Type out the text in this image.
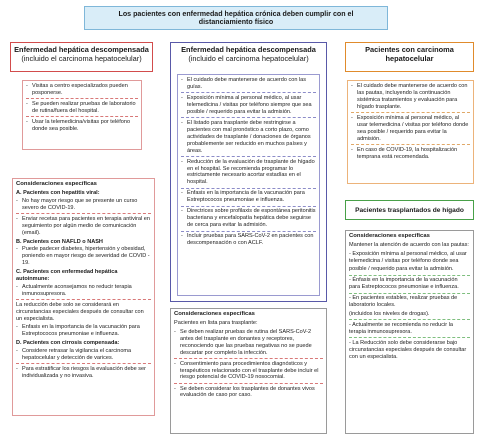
Los pacientes con enfermedad hepática crónica deben cumplir con el distanciamiento físico
Enfermedad hepática descompensada
(incluido el carcinoma hepatocelular)
- Visitas a centro especializados pueden posponerse.
- Se pueden realizar pruebas de laboratorio de rutina/fuera del hospital.
- Usar la telemedicina/visitas por teléfono donde sea posible.
Consideraciones específicas
A. Pacientes con hepatitis viral:
- No hay mayor riesgo que se presente un curso severo de COVID-19.
- Enviar recetas para pacientes en terapia antiviral en seguimiento por algún medio de comunicación (email).
B. Pacientes con NAFLD o NASH
- Puede padecer diabetes, hipertensión y obesidad, poniendo en mayor riesgo de severidad de COVID - 19.
C. Pacientes con enfermedad hepática autoinmune:
- Actualmente aconsejamos no reducir terapia inmunosupresora.
La reducción debe solo se considerará en circunstancias especiales después de consultar con un especialista.
- Enfasis en la importancia de la vacunación para Estreptococos pneumoniae e influenza.
D. Pacientes con cirrosis compensada:
- Considere retrasar la vigilancia el carcinoma hepatocelular y detección de varices.
- Para estratificar los riesgos la evaluación debe ser individualizada y no invasiva.
Enfermedad hepática descompensada
(incluido el carcinoma hepatocelular)
- El cuidado debe mantenerse de acuerdo con las guías.
- Exposición mínima al personal médico, al usar telemedicina / visitas por teléfono siempre que sea posible / requerido para evitar la admisión.
- El listado para trasplante debe restringirse a pacientes con mal pronóstico a corto plazo, como actividades de trasplante / donaciones de órganos probablemente ser reducido en muchos países y áreas.
- Reducción de la evaluación de trasplante de hígado en el hospital. Se recomienda programar lo estrictamente necesario acortar estadías en el hospital.
- Énfasis en la importancia de la vacunación para Estreptococos pneumoniae e influenza.
- Directrices sobre profilaxis de espontánea peritonitis bacteriana y encefalopatía hepática debe seguirse de cerca para evitar la admisión.
- Incluir pruebas para SARS-CoV-2 en pacientes con descompensación o con ACLF.
Consideraciones específicas
Pacientes en lista para trasplante:
- Se deben realizar pruebas de rutina del SARS-CoV-2 antes del trasplante en donantes y receptores, reconociendo que las pruebas negativas no se puede descartar por completo la infección.
- Consentimiento para procedimientos diagnósticos y terapéuticos relacionado con el trasplante debe incluir el riesgo potencial de COVID-19 nosocomial.
- Se deben considerar los trasplantes de donantes vivos evaluación de caso por caso.
Pacientes con carcinoma hepatocelular
- El cuidado debe mantenerse de acuerdo con las pautas, incluyendo la continuación sistémica tratamientos y evaluación para hígado trasplante.
- Exposición mínima al personal médico, al usar telemedicina / visitas por teléfono donde sea posible / requerido para evitar la admisión.
- En caso de COVID-19, la hospitalización temprana está recomendada.
Pacientes trasplantados de hígado
Consideraciones específicas
Mantener la atención de acuerdo con las pautas:
- Exposición mínima al personal médico, al usar telemedicina / visitas por teléfono donde sea
posible / requerido para evitar la admisión.
- Énfasis en la importancia de la vacunación para Estreptococos pneumoniae e influenza.
- En pacientes estables, realizar pruebas de laboratorio locales.
(incluidos los niveles de drogas).
- Actualmente se recomienda no reducir la terapia inmunosupresora.
- La Reducción solo debe considerarse bajo circunstancias especiales después de consultar con un especialista.
